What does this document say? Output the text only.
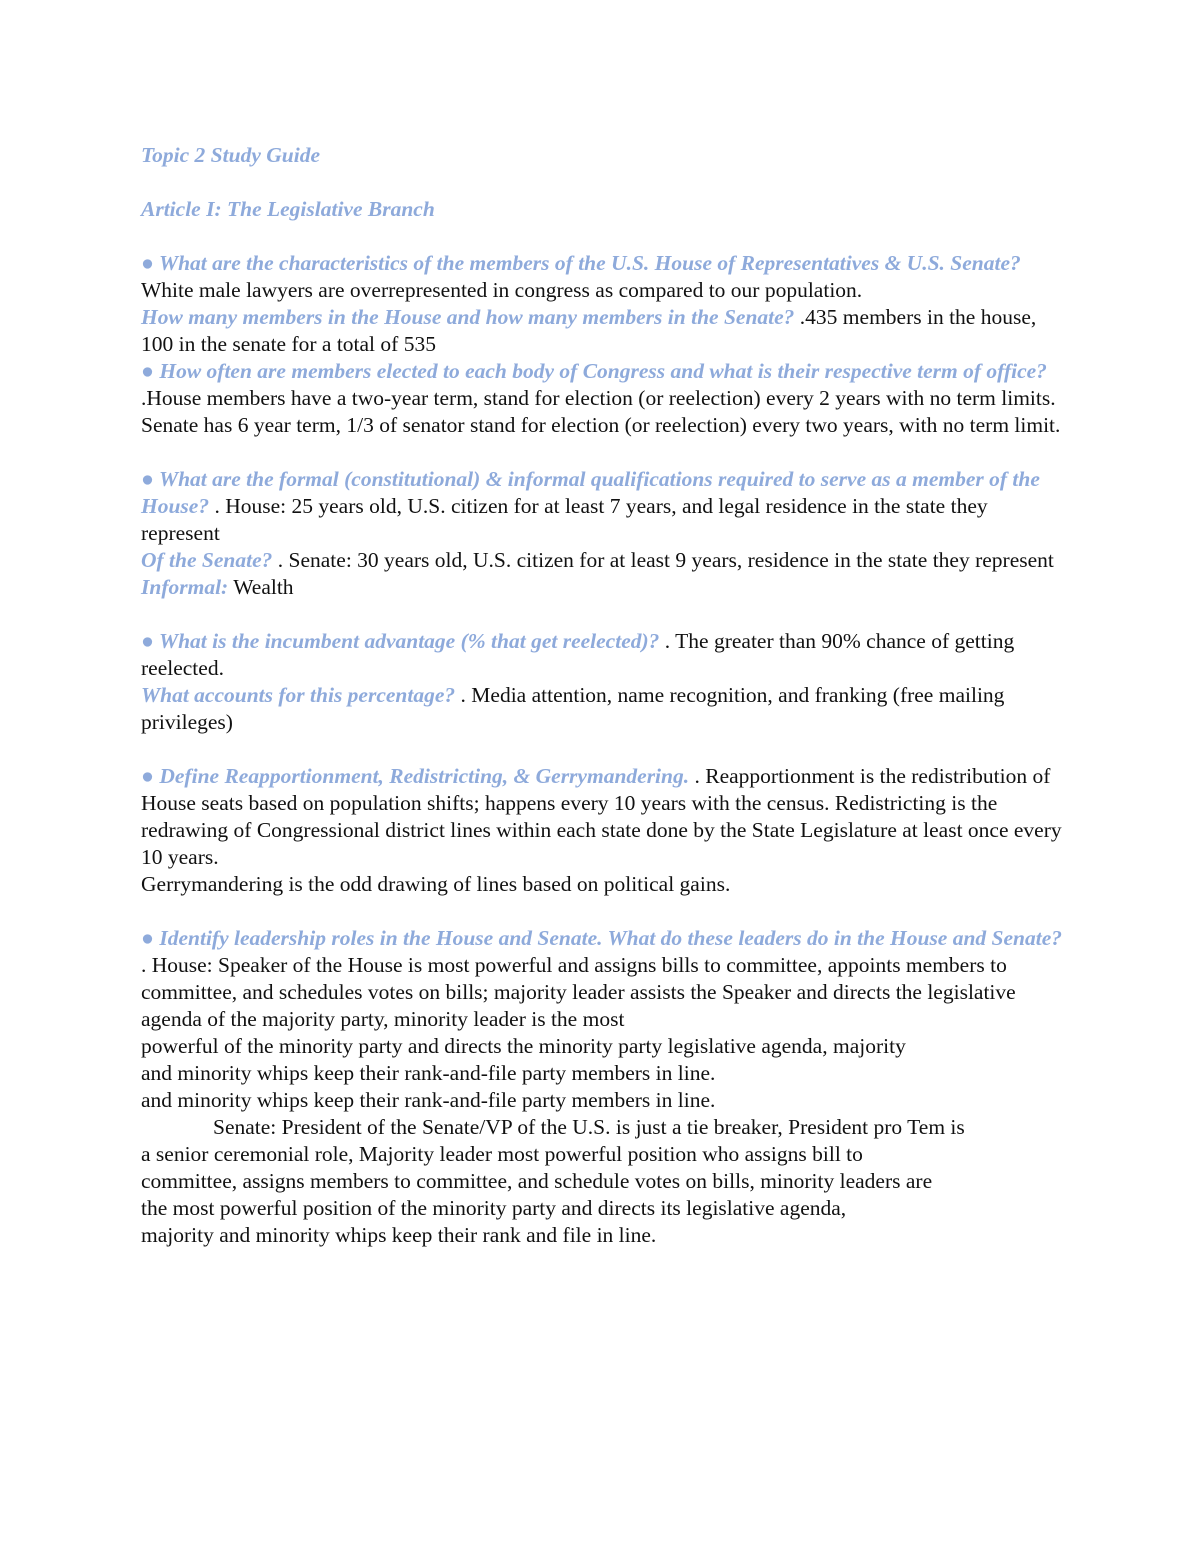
Topic 2 Study Guide

Article I: The Legislative Branch

● What are the characteristics of the members of the U.S. House of Representatives & U.S. Senate? White male lawyers are overrepresented in congress as compared to our population.

How many members in the House and how many members in the Senate? .435 members in the house, 100 in the senate for a total of 535

● How often are members elected to each body of Congress and what is their respective term of office? .House members have a two-year term, stand for election (or reelection) every 2 years with no term limits. Senate has 6 year term, 1/3 of senator stand for election (or reelection) every two years, with no term limit.

● What are the formal (constitutional) & informal qualifications required to serve as a member of the House? . House: 25 years old, U.S. citizen for at least 7 years, and legal residence in the state they represent

Of the Senate? . Senate: 30 years old, U.S. citizen for at least 9 years, residence in the state they represent

Informal: Wealth

● What is the incumbent advantage (% that get reelected)? . The greater than 90% chance of getting reelected.

What accounts for this percentage? . Media attention, name recognition, and franking (free mailing privileges)

● Define Reapportionment, Redistricting, & Gerrymandering. . Reapportionment is the redistribution of House seats based on population shifts; happens every 10 years with the census. Redistricting is the redrawing of Congressional district lines within each state done by the State Legislature at least once every 10 years.

Gerrymandering is the odd drawing of lines based on political gains.

● Identify leadership roles in the House and Senate. What do these leaders do in the House and Senate? . House: Speaker of the House is most powerful and assigns bills to committee, appoints members to committee, and schedules votes on bills; majority leader assists the Speaker and directs the legislative agenda of the majority party, minority leader is the most

powerful of the minority party and directs the minority party legislative agenda, majority

and minority whips keep their rank-and-file party members in line.

and minority whips keep their rank-and-file party members in line.

Senate: President of the Senate/VP of the U.S. is just a tie breaker, President pro Tem is

a senior ceremonial role, Majority leader most powerful position who assigns bill to

committee, assigns members to committee, and schedule votes on bills, minority leaders are

the most powerful position of the minority party and directs its legislative agenda,

majority and minority whips keep their rank and file in line.
